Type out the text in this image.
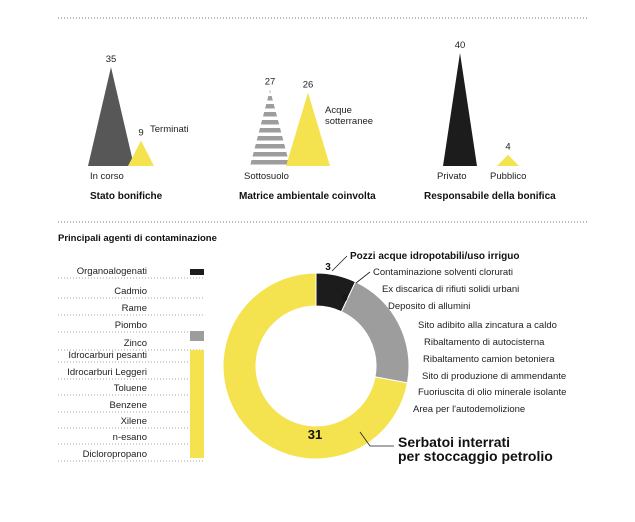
35
9
In corso
Terminati
Stato bonifiche
27	26
Sottosuolo
Acque sotterranee
Matrice ambientale coinvolta
40
4
Privato Pubblico
Responsabile della bonifica
Principali agenti di contaminazione
Organoalogenati
Cadmio
Rame
Piombo
Zinco
Idrocarburi pesanti
Idrocarburi Leggeri
Toluene
Benzene
Xilene
n-esano
Dicloropropano
3
9
31
Pozzi acque idropotabili/uso irriguo
Contaminazione solventi clorurati
Ex discarica di rifiuti solidi urbani
Deposito di allumini
Sito adibito alla zincatura a caldo
Ribaltamento di autocisterna
Ribaltamento camion betoniera
Sito di produzione di ammendante
Fuoriuscita di olio minerale isolante
Area per l'autodemolizione
Serbatoi interrati
per stoccaggio petrolio
